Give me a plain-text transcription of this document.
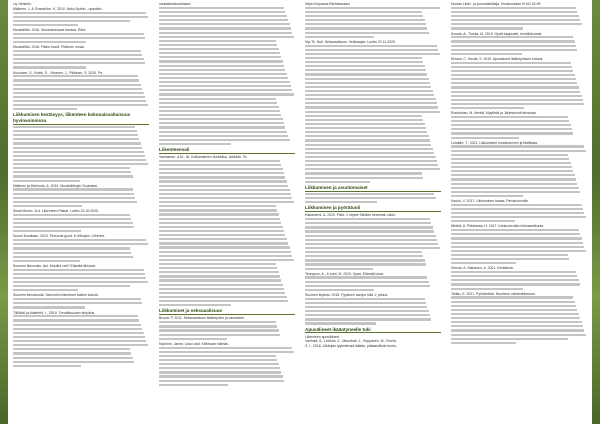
cq. Helsinki.
Mäkinen, J. & Granström, K. 2010. Naku Nyrkin - opaskeh-
Muuttoliitto. 2016. Muutosiristuvat kanssa. Reid-
Muuttoliitto. 2016. Pääsi muutt. Pikkinen omaa.
Kuusinen, S., Nokki, S., Virtanen, J., Pikkinen, S. 2020. Pe-
Liikkumisen kestävyys, liikenteen kokonaisvaltaisuus hyvinvoinnissa
Mäkinen ja Meriluoto, A. 2019. Muuttoliittojen Suomalai-
Small Moves. N.d. Liikenteen Paikat. Luettu 23.10.2020.
Suomi Kuvataan, 2019. Personal good. in ettirajan. Liikenne-
Suomen Neuvosto. Aul. Muuttui vah? Elämää liikkuvia.
Suomen keruskunta. Vanhoihin liikenteen kaltoin kokoik-
Tillilähiö ja Alakerttö, I., 2019. Turvallisuuden lahjoitus
vantaakeskustetaan/
Liikenteenvali
Vanhainen, A.M., Nt. Kotikantimien kunkkiluu. Artikkeli. Te-
Liikkumiset ja seksuaalisuus
Brucia, P. 2011. Seksuaalisuus ikääntyvien ja toimaisten,
Nyström, Janne, Uzun and. Klkbbaan elämäs.
https://nnpasca.fi/tehtaavaan/
Nyt-Tii. Nuti. Seksuaalisuus. Veikkaajan. Luettu 22.11.2020.
Liikkumisen ja asuntomaiset
Liikkumisen ja pyörätuoli
Hakaniemi, A. 2019. Piste. 2 ohjeet Sähkön kertomat, rakki-
Tennyson, A., & bunt, M, 2020. Opas. Elämää loirat.
Suomen kirjasto, 2015. Fyysinen sampu nilla 1; pituus.
Apuvälineet ikääntyneelle tuki
Liikenteen apuvälineet
Vanhala, A., Lehtola, Z., Mauritola, J., Seppänen, M., Kivelä,
S. I., 2016. Liikkujan tyyleidensä lääkäs, pääasiallisiin kunto-
Nuolan Liikki - ja puurulaisiittaja. Ihmisluokkan III M2 43-99
Kovala, A., Tiukka, M. 2019. Hyviä taajuudet, henkilökunnat
Eklund, C. Hovila, S. 2019. Apuväineet ikääntymisen kotona.
Rontiainen, M. Kenttä. Myyttisiä ja Järjestelmä tehostaa.
Lundahl, T., 2021. Liikkumisen kuntotuminen ja Mallikata.
Kautio, V. 2017. Liikkuminen kaasa. Peruskunnolle.
Nikkilä, A. Pitkäranta, H. 2017. Kanta-kevään kirkkaaniikunta
Simola, A. Niskanen, A. 2021. Kenttänsä.
Tanttu, E. 2021. Pyöräretkisi. Nuorteen vahvistettavuus.
